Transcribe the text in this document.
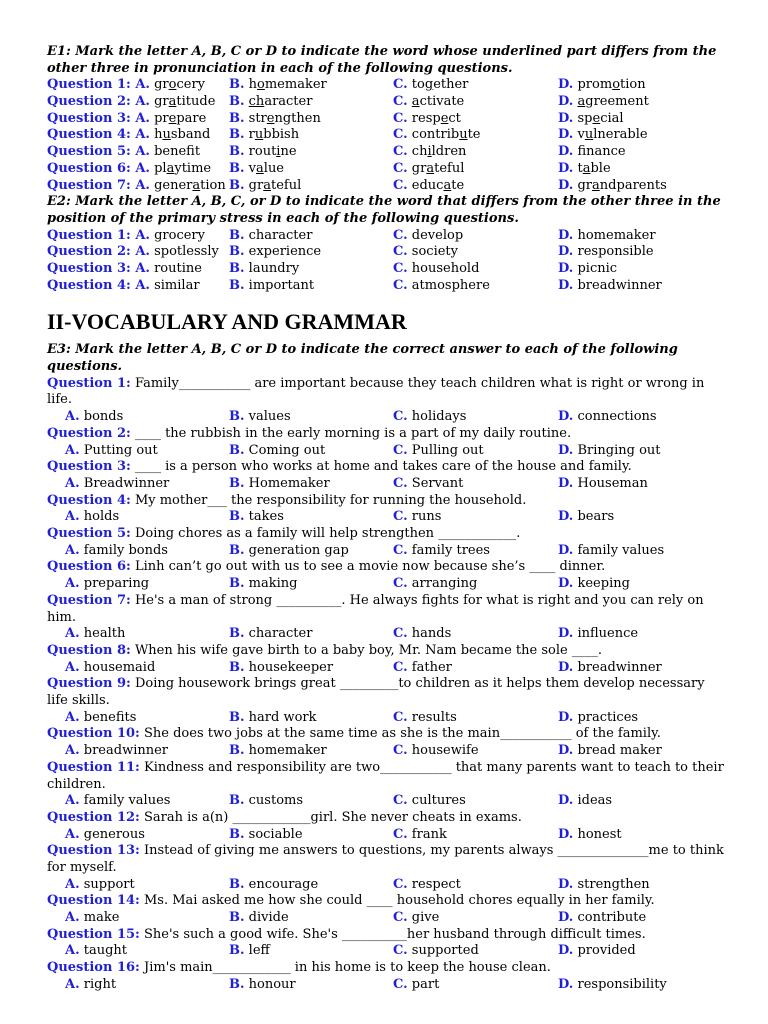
E1: Mark the letter A, B, C or D to indicate the word whose underlined part differs from the other three in pronunciation in each of the following questions.

Question 1: A. grocery	B. homemaker	C. together	D. promotion
Question 2: A. gratitude	B. character	C. activate	D. agreement
Question 3: A. prepare	B. strengthen	C. respect	D. special
Question 4: A. husband	B. rubbish	C. contribute	D. vulnerable
Question 5: A. beneft	B. routine	C. children	D. fnance
Question 6: A. playtime	B. value	C. grateful	D. table
Question 7: A. generation B. grateful	C. educate	D. grandparents

E2: Mark the letter A, B, C, or D to indicate the word that differs from the other three in the position of the primary stress in each of the following questions.

Question 1: A. grocery	B. character	C. develop	D. homemaker
Question 2: A. spotlessly B. experience	C. society	D. responsible
Question 3: A. routine	B. laundry	C. household	D. picnic
Question 4: A. similar	B. important	C. atmosphere	D. breadwinner
II-VOCABULARY AND GRAMMAR

E3: Mark the letter A, B, C or D to indicate the correct answer to each of the following questions.

Question 1: Family___________ are important because they teach children what is right or wrong in life.

A. bonds	B. values	C. holidays	D. connections

Question 2: ____ the rubbish in the early morning is a part of my daily routine.

A. Putting out	B. Coming out	C. Pulling out	D. Bringing out

Question 3: ____ is a person who works at home and takes care of the house and family.

A. Breadwinner	B. Homemaker	C. Servant	D. Houseman

Question 4: My mother___ the responsibility for running the household.

A. holds	B. takes	C. runs	D. bears

Question 5: Doing chores as a family will help strengthen ____________.

A. family bonds	B. generation gap	C. family trees	D. family values

Question 6: Linh can’t go out with us to see a movie now because she’s ____ dinner.

A. preparing	B. making	C. arranging	D. keeping

Question 7: He's a man of strong __________. He always fights for what is right and you can rely on him.

A. health	B. character	C. hands	D. influence

Question 8: When his wife gave birth to a baby boy, Mr. Nam became the sole ____.

A. housemaid	B. housekeeper	C. father	D. breadwinner

Question 9: Doing housework brings great _________to children as it helps them develop necessary life skills.

A. benefits	B. hard work	C. results	D. practices

Question 10: She does two jobs at the same time as she is the main___________ of the family.

A. breadwinner	B. homemaker	C. housewife	D. bread maker

Question 11: Kindness and responsibility are two___________ that many parents want to teach to their children.

A. family values	B. customs	C. cultures	D. ideas

Question 12: Sarah is a(n) ____________girl. She never cheats in exams.

A. generous	B. sociable	C. frank	D. honest

Question 13: Instead of giving me answers to questions, my parents always ______________me to think for myself.

A. support	B. encourage	C. respect	D. strengthen

Question 14: Ms. Mai asked me how she could ____ household chores equally in her family.

A. make	B. divide	C. give	D. contribute

Question 15: She's such a good wife. She's __________her husband through difficult times.

A. taught	B. leff	C. supported	D. provided

Question 16: Jim's main____________ in his home is to keep the house clean.

A. right	B. honour	C. part	D. responsibility
